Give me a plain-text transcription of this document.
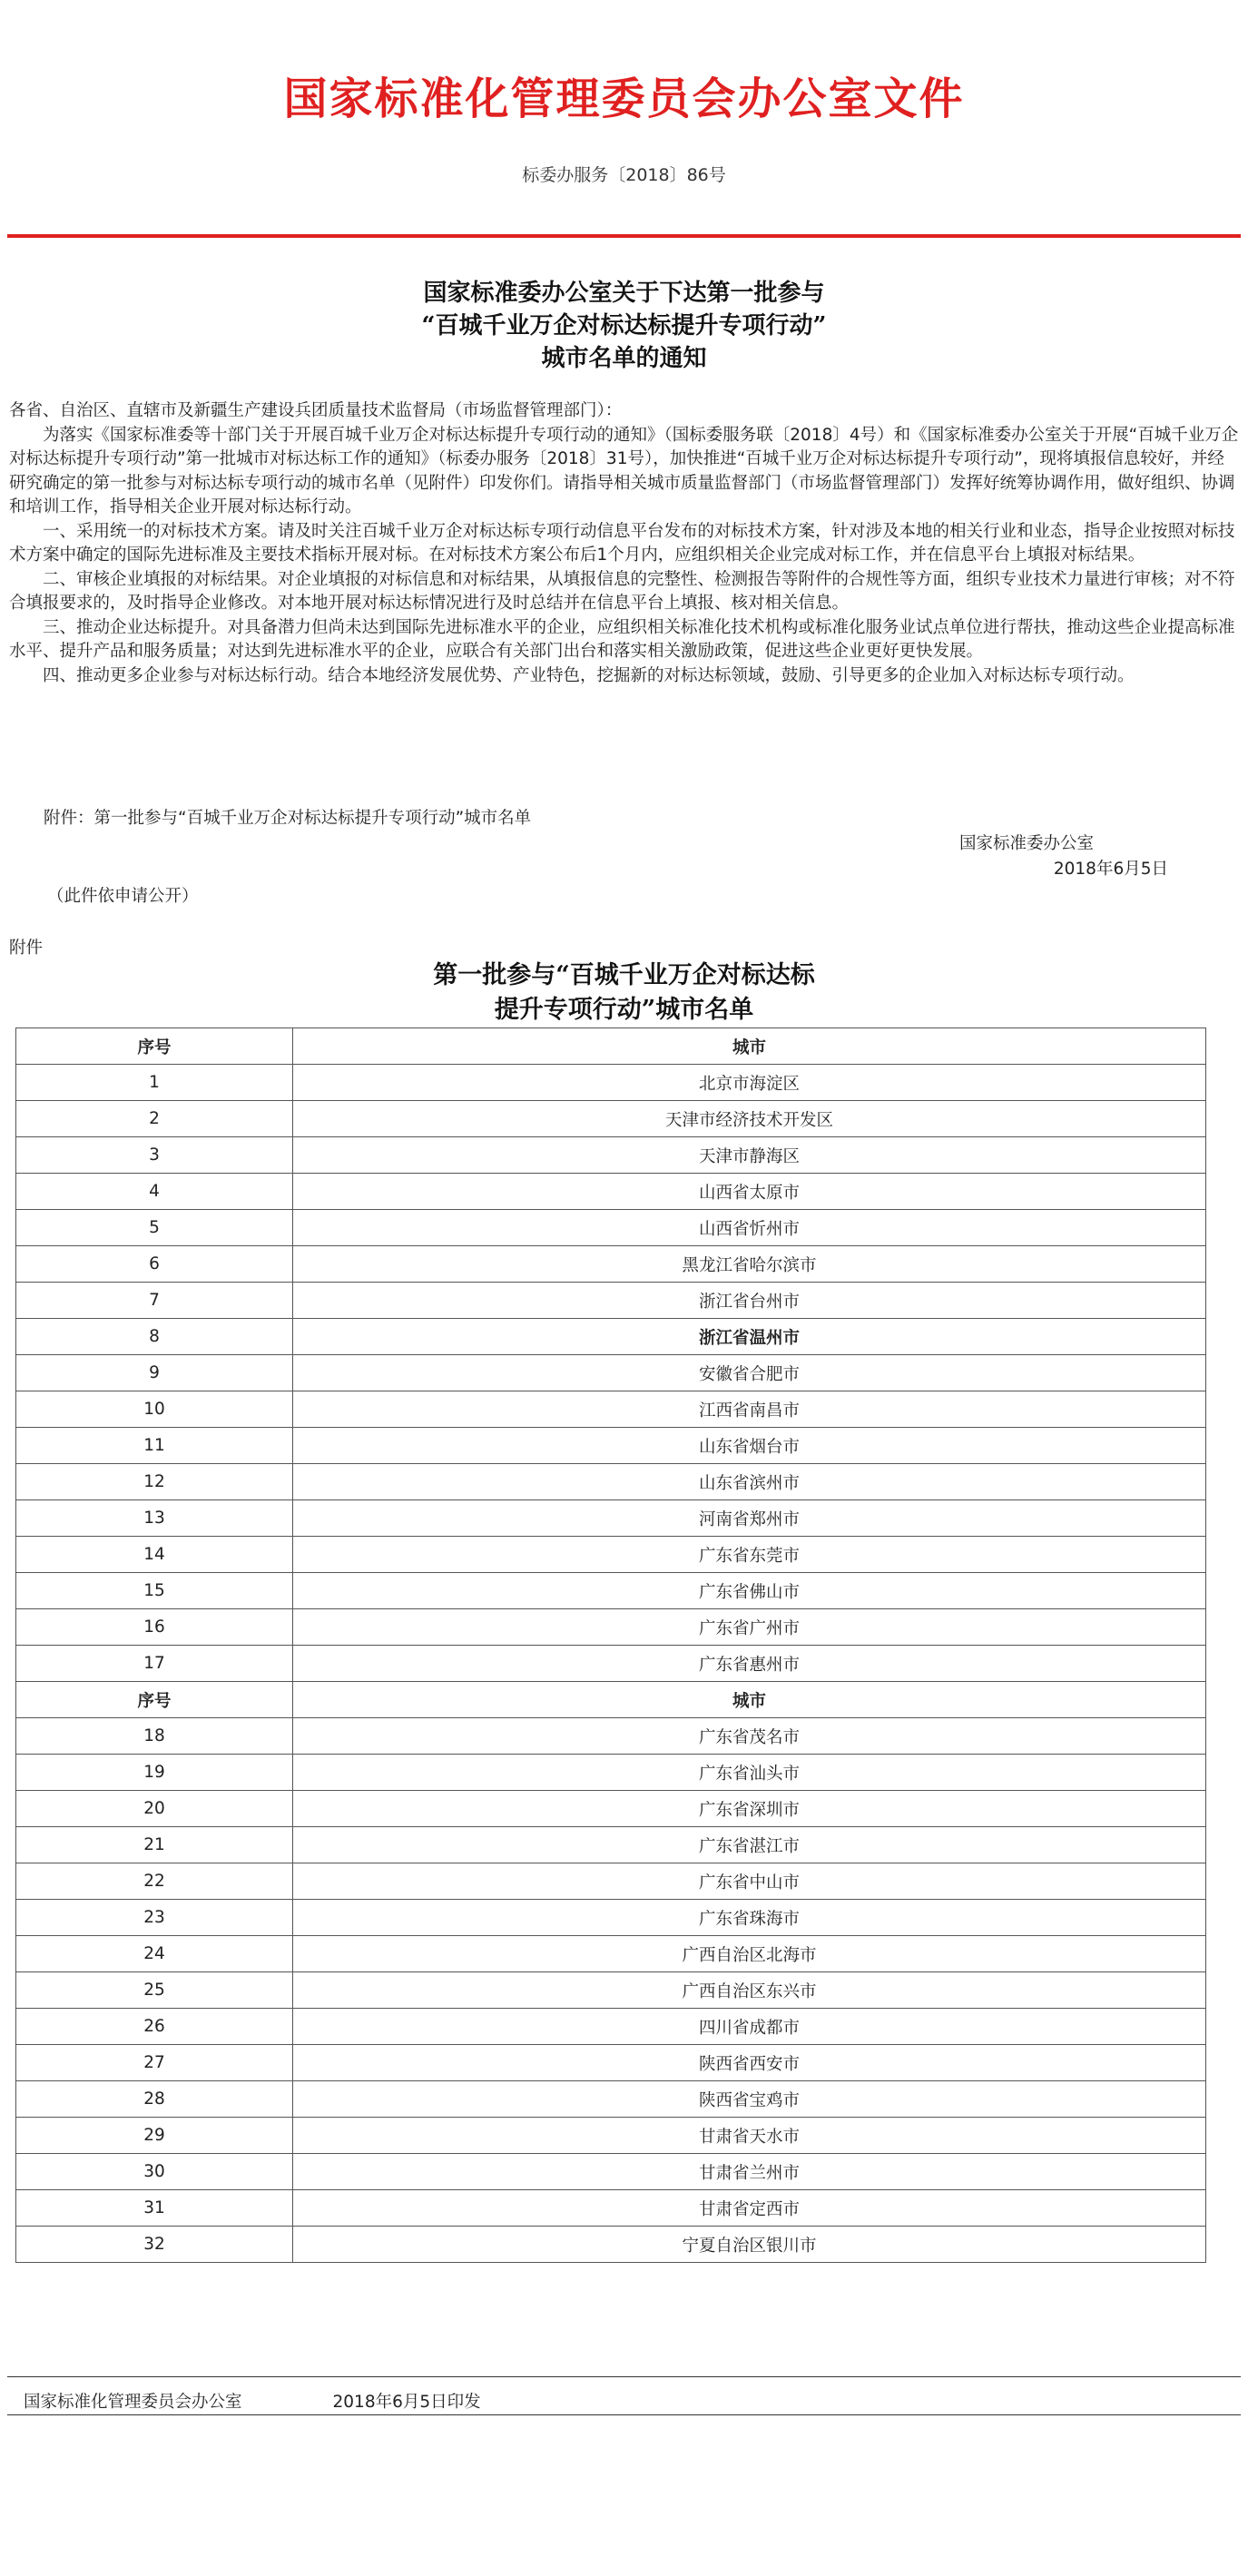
国家标准化管理委员会办公室文件
标委办服务〔2018〕86号
国家标准委办公室关于下达第一批参与
“百城千业万企对标达标提升专项行动”
城市名单的通知

各省、自治区、直辖市及新疆生产建设兵团质量技术监督局（市场监督管理部门）：

为落实《国家标准委等十部门关于开展百城千业万企对标达标提升专项行动的通知》（国标委服务联〔2018〕4号）和《国家标准委办公室关于开展“百城千业万企对标达标提升专项行动”第一批城市对标达标工作的通知》（标委办服务〔2018〕31号），加快推进“百城千业万企对标达标提升专项行动”，现将填报信息较好，并经研究确定的第一批参与对标达标专项行动的城市名单（见附件）印发你们。请指导相关城市质量监督部门（市场监督管理部门）发挥好统筹协调作用，做好组织、协调和培训工作，指导相关企业开展对标达标行动。

一、采用统一的对标技术方案。请及时关注百城千业万企对标达标专项行动信息平台发布的对标技术方案，针对涉及本地的相关行业和业态，指导企业按照对标技术方案中确定的国际先进标准及主要技术指标开展对标。在对标技术方案公布后1个月内，应组织相关企业完成对标工作，并在信息平台上填报对标结果。

二、审核企业填报的对标结果。对企业填报的对标信息和对标结果，从填报信息的完整性、检测报告等附件的合规性等方面，组织专业技术力量进行审核；对不符合填报要求的，及时指导企业修改。对本地开展对标达标情况进行及时总结并在信息平台上填报、核对相关信息。

三、推动企业达标提升。对具备潜力但尚未达到国际先进标准水平的企业，应组织相关标准化技术机构或标准化服务业试点单位进行帮扶，推动这些企业提高标准水平、提升产品和服务质量；对达到先进标准水平的企业，应联合有关部门出台和落实相关激励政策，促进这些企业更好更快发展。

四、推动更多企业参与对标达标行动。结合本地经济发展优势、产业特色，挖掘新的对标达标领域，鼓励、引导更多的企业加入对标达标专项行动。

附件：第一批参与“百城千业万企对标达标提升专项行动”城市名单
国家标准委办公室
2018年6月5日
（此件依申请公开）
附件
第一批参与“百城千业万企对标达标
提升专项行动”城市名单
序号	城市
1	北京市海淀区
2	天津市经济技术开发区
3	天津市静海区
4	山西省太原市
5	山西省忻州市
6	黑龙江省哈尔滨市
7	浙江省台州市
8	浙江省温州市
9	安徽省合肥市
10	江西省南昌市
11	山东省烟台市
12	山东省滨州市
13	河南省郑州市
14	广东省东莞市
15	广东省佛山市
16	广东省广州市
17	广东省惠州市
序号	城市
18	广东省茂名市
19	广东省汕头市
20	广东省深圳市
21	广东省湛江市
22	广东省中山市
23	广东省珠海市
24	广西自治区北海市
25	广西自治区东兴市
26	四川省成都市
27	陕西省西安市
28	陕西省宝鸡市
29	甘肃省天水市
30	甘肃省兰州市
31	甘肃省定西市
32	宁夏自治区银川市
国家标准化管理委员会办公室	2018年6月5日印发
